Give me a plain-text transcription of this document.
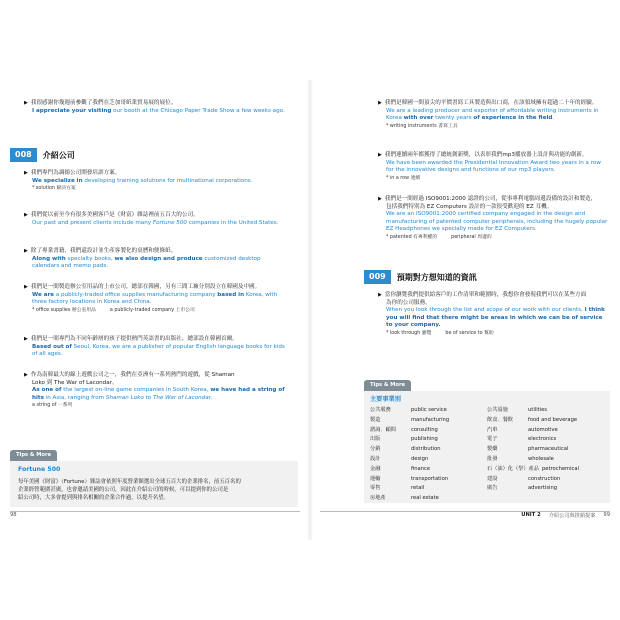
▶ 我很感謝你幾週前參觀了我們在芝加哥紙業貿易展的展位。
I appreciate your visiting our booth at the Chicago Paper Trade Show a few weeks ago.
008	介紹公司
▶ 我們專門為調揚公司開發培訓方案。
We specialize in developing training solutions for multinational corporations.
* solution 解決方案
▶ 我們從以前至今有很多美國客戶是《財富》雜誌裡前五百大的公司。
Our past and present clients include many Fortune 500 companies in the United States.
▶ 除了專業書籍，我們還設計並生產客製化的桌曆和便條紙。
Along with specialty books, we also design and produce customized desktop calendars and memo pads.
▶ 我們是一間製造辦公室用品的上市公司，總部在韓國，另有三間工廠分別設立在韓國及中國。
We are a publicly-traded office supplies manufacturing company based in Korea, with three factory locations in Korea and China.
* office supplies 辦公室用品	a publicly-traded company 上市公司
▶ 我們是一間專門為不同年齡層的孩子提供熱門英語書的出版社，總部設在韓國首爾。
Based out of Seoul, Korea, we are a publisher of popular English language books for kids of all ages.
▶ 作為南韓最大的線上遊戲公司之一，我們在亞洲有一系列熱門的遊戲，從 Shaman
Loko 到 The War of Lacondar。
As one of the largest on-line game companies in South Korea, we have had a string of hits in Asia, ranging from Shaman Loko to The War of Lacondar.
a string of 一系列
Tips & More
Fortune 500
每年美國《財富》（Fortune）雜誌會依照年度營業額選出全球五百大的企業排名，前五百名的
企業經營範圍甚廣，也會邀請美國的公司，因此在介紹公司的時候，可以提到你的公司是
紹公司時，大多會提到與排名相關的企業合作過，以提升名望。
98
▶ 我們是韓國一間頂尖的平價書寫工具製造與出口商，在該領域擁有超過二十年的經驗。
We are a leading producer and exporter of affordable writing instruments in Korea with over twenty years of experience in the field.
* writing instruments 書寫工具
▶ 我們連續兩年都獲得了總統創新獎，以表彰我們mp3播放器上設計與功能的創新。
We have been awarded the Presidential Innovation Award two years in a row for the innovative designs and functions of our mp3 players.
* in a row 連續
▶ 我們是一間經過 ISO9001:2000 認證的公司，從事專利電腦周邊設備的設計和製造，
包括我們特別為 EZ Computers 設計的一款很受歡迎的 EZ 耳機。
We are an ISO9001:2000 certified company engaged in the design and manufacturing of patented computer peripherals, including the hugely popular EZ Headphones we specially made for EZ Computers.
* patented 有專利權的	peripheral 周邊的
009	預期對方想知道的資訊
▶ 當你瀏覽我們提供給客戶的工作清單和範圍時，我想你會發現我們可以在某些方面
為你的公司服務。
When you look through the list and scope of our work with our clients, I think you will find that there might be areas in which we can be of service to your company.
* look through 瀏覽	be of service to 幫助
Tips & More
主要事業別
公共服務	public service	公共設施	utilities
製造	manufacturing	飲食．餐飲	food and beverage
諮詢．顧問	consulting	汽車	automotive
出版	publishing	電子	electronics
分銷	distribution	製藥	pharmaceutical
設計	design	批發	wholesale
金融	finance	石（油）化（學）產品 petrochemical
運輸	transportation	建設	construction
零售	retail	廣告	advertising
房地產	real estate
UNIT 2 介紹公司與推銷提案 99
